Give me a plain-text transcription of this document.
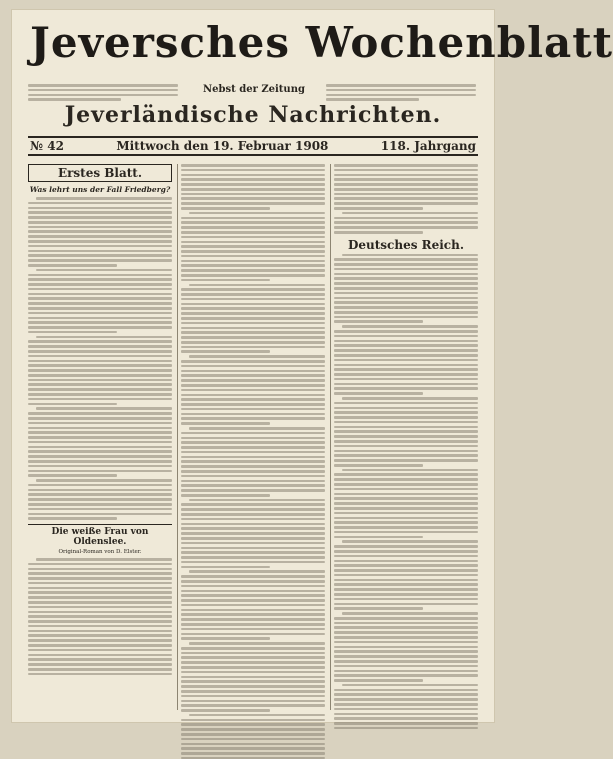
Jeversches Wochenblatt
Nebst der Zeitung
Jeverländische Nachrichten.
№ 42	Mittwoch den 19. Februar 1908	118. Jahrgang
Erstes Blatt.
Was lehrt uns der Fall Friedberg?
Die weiße Frau von Oldenslee.
Original-Roman von D. Elster.
Deutsches Reich.
